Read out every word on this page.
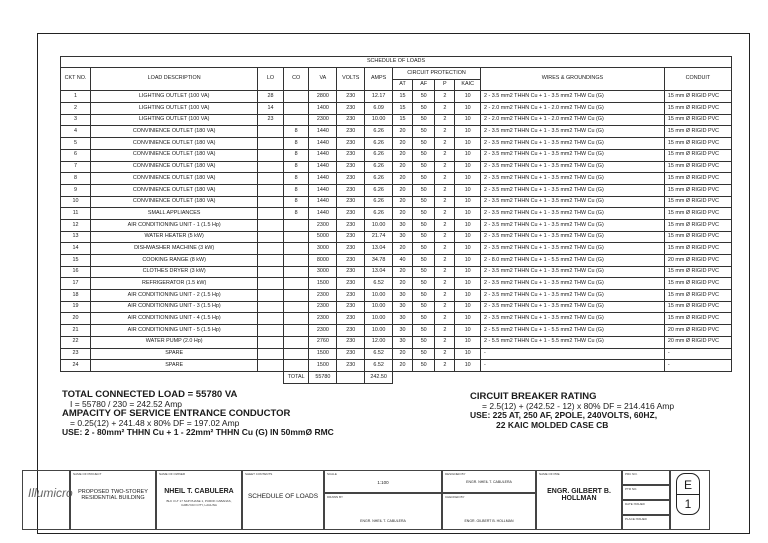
SCHEDULE OF LOADS												
CKT NO.	LOAD DESCRIPTION	LO	CO	VA	VOLTS	AMPS	CIRCUIT PROTECTION				WIRES & GROUNDINGS	CONDUIT
							AT	AF	P	KAIC		
1	LIGHTING OUTLET (100 VA)	28		2800	230	12.17	15	50	2	10	2 - 3.5 mm2 THHN Cu + 1 - 3.5 mm2 THW Cu (G)	15 mm Ø RIGID PVC
2	LIGHTING OUTLET (100 VA)	14		1400	230	6.09	15	50	2	10	2 - 2.0 mm2 THHN Cu + 1 - 2.0 mm2 THW Cu (G)	15 mm Ø RIGID PVC
3	LIGHTING OUTLET (100 VA)	23		2300	230	10.00	15	50	2	10	2 - 2.0 mm2 THHN Cu + 1 - 2.0 mm2 THW Cu (G)	15 mm Ø RIGID PVC
4	CONVINIENCE OUTLET (180 VA)		8	1440	230	6.26	20	50	2	10	2 - 3.5 mm2 THHN Cu + 1 - 3.5 mm2 THW Cu (G)	15 mm Ø RIGID PVC
5	CONVINIENCE OUTLET (180 VA)		8	1440	230	6.26	20	50	2	10	2 - 3.5 mm2 THHN Cu + 1 - 3.5 mm2 THW Cu (G)	15 mm Ø RIGID PVC
6	CONVINIENCE OUTLET (180 VA)		8	1440	230	6.26	20	50	2	10	2 - 3.5 mm2 THHN Cu + 1 - 3.5 mm2 THW Cu (G)	15 mm Ø RIGID PVC
7	CONVINIENCE OUTLET (180 VA)		8	1440	230	6.26	20	50	2	10	2 - 3.5 mm2 THHN Cu + 1 - 3.5 mm2 THW Cu (G)	15 mm Ø RIGID PVC
8	CONVINIENCE OUTLET (180 VA)		8	1440	230	6.26	20	50	2	10	2 - 3.5 mm2 THHN Cu + 1 - 3.5 mm2 THW Cu (G)	15 mm Ø RIGID PVC
9	CONVINIENCE OUTLET (180 VA)		8	1440	230	6.26	20	50	2	10	2 - 3.5 mm2 THHN Cu + 1 - 3.5 mm2 THW Cu (G)	15 mm Ø RIGID PVC
10	CONVINIENCE OUTLET (180 VA)		8	1440	230	6.26	20	50	2	10	2 - 3.5 mm2 THHN Cu + 1 - 3.5 mm2 THW Cu (G)	15 mm Ø RIGID PVC
11	SMALL APPLIANCES		8	1440	230	6.26	20	50	2	10	2 - 3.5 mm2 THHN Cu + 1 - 3.5 mm2 THW Cu (G)	15 mm Ø RIGID PVC
12	AIR CONDITIONING UNIT - 1 (1.5 Hp)			2300	230	10.00	30	50	2	10	2 - 3.5 mm2 THHN Cu + 1 - 3.5 mm2 THW Cu (G)	15 mm Ø RIGID PVC
13	WATER HEATER (5 kW)			5000	230	21.74	30	50	2	10	2 - 3.5 mm2 THHN Cu + 1 - 3.5 mm2 THW Cu (G)	15 mm Ø RIGID PVC
14	DISHWASHER MACHINE (3 kW)			3000	230	13.04	20	50	2	10	2 - 3.5 mm2 THHN Cu + 1 - 3.5 mm2 THW Cu (G)	15 mm Ø RIGID PVC
15	COOKING RANGE (8 kW)			8000	230	34.78	40	50	2	10	2 - 8.0 mm2 THHN Cu + 1 - 5.5 mm2 THW Cu (G)	20 mm Ø RIGID PVC
16	CLOTHES DRYER (3 kW)			3000	230	13.04	20	50	2	10	2 - 3.5 mm2 THHN Cu + 1 - 3.5 mm2 THW Cu (G)	15 mm Ø RIGID PVC
17	REFRIGERATOR (1.5 kW)			1500	230	6.52	20	50	2	10	2 - 3.5 mm2 THHN Cu + 1 - 3.5 mm2 THW Cu (G)	15 mm Ø RIGID PVC
18	AIR CONDITIONING UNIT - 2 (1.5 Hp)			2300	230	10.00	30	50	2	10	2 - 3.5 mm2 THHN Cu + 1 - 3.5 mm2 THW Cu (G)	15 mm Ø RIGID PVC
19	AIR CONDITIONING UNIT - 3 (1.5 Hp)			2300	230	10.00	30	50	2	10	2 - 3.5 mm2 THHN Cu + 1 - 3.5 mm2 THW Cu (G)	15 mm Ø RIGID PVC
20	AIR CONDITIONING UNIT - 4 (1.5 Hp)			2300	230	10.00	30	50	2	10	2 - 3.5 mm2 THHN Cu + 1 - 3.5 mm2 THW Cu (G)	15 mm Ø RIGID PVC
21	AIR CONDITIONING UNIT - 5 (1.5 Hp)			2300	230	10.00	30	50	2	10	2 - 5.5 mm2 THHN Cu + 1 - 5.5 mm2 THW Cu (G)	20 mm Ø RIGID PVC
22	WATER PUMP (2.0 Hp)			2760	230	12.00	30	50	2	10	2 - 5.5 mm2 THHN Cu + 1 - 5.5 mm2 THW Cu (G)	20 mm Ø RIGID PVC
23	SPARE			1500	230	6.52	20	50	2	10	-	-
24	SPARE			1500	230	6.52	20	50	2	10	-	-
			TOTAL	55780		242.50						
TOTAL CONNECTED LOAD = 55780 VA
I = 55780 / 230 = 242.52 Amp
AMPACITY OF SERVICE ENTRANCE CONDUCTOR
= 0.25(12) + 241.48 x 80% DF = 197.02 Amp
USE: 2 - 80mm² THHN Cu + 1 - 22mm² THHN Cu (G) IN 50mmØ RMC
CIRCUIT BREAKER RATING
= 2.5(12) + (242.52 - 12) x 80% DF = 214.416 Amp
USE: 225 AT, 250 AF, 2POLE, 240VOLTS, 60HZ,
22 KAIC MOLDED CASE CB
Illumicro
NAME OF PROJECT
PROPOSED TWO-STOREY RESIDENTIAL BUILDING
NAME OF OWNER
NHEIL T. CABULERA
BLK 3 LT 17 SAP PHASE 1, PUROK CABANAS, CABUYAO CITY, LAGUNA
SHEET CONTENTS
SCHEDULE OF LOADS
SCALE
1:100
DRAWN BY
ENGR. NHEIL T. CABULERA
DESIGNED BY
ENGR. NHEIL T. CABULERA
CHECKED BY
ENGR. GILBERT B. HOLLMAN
NAME OF PRE
ENGR. GILBERT B. HOLLMAN
PRC NO.
PTR NO.
DATE ISSUED
PLACE ISSUED
E
1
